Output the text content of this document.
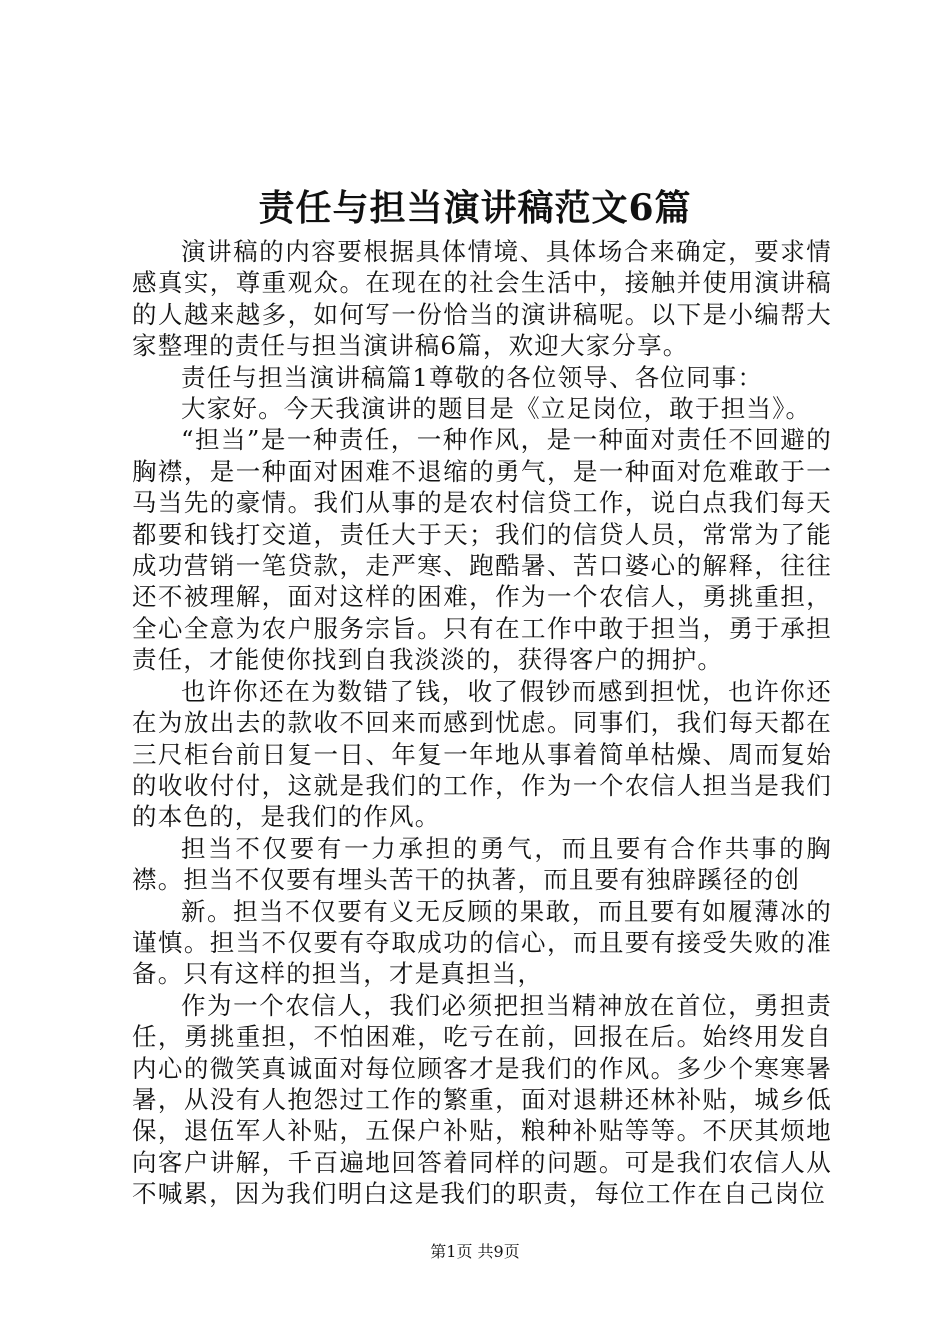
责任与担当演讲稿范文6篇

演讲稿的内容要根据具体情境、具体场合来确定，要求情感真实，尊重观众。在现在的社会生活中，接触并使用演讲稿的人越来越多，如何写一份恰当的演讲稿呢。以下是小编帮大家整理的责任与担当演讲稿6篇，欢迎大家分享。

责任与担当演讲稿篇1尊敬的各位领导、各位同事：

大家好。今天我演讲的题目是《立足岗位，敢于担当》。

“担当”是一种责任，一种作风，是一种面对责任不回避的胸襟，是一种面对困难不退缩的勇气，是一种面对危难敢于一马当先的豪情。我们从事的是农村信贷工作，说白点我们每天都要和钱打交道，责任大于天；我们的信贷人员，常常为了能成功营销一笔贷款，走严寒、跑酷暑、苦口婆心的解释，往往还不被理解，面对这样的困难，作为一个农信人，勇挑重担，全心全意为农户服务宗旨。只有在工作中敢于担当，勇于承担责任，才能使你找到自我淡淡的，获得客户的拥护。

也许你还在为数错了钱，收了假钞而感到担忧，也许你还在为放出去的款收不回来而感到忧虑。同事们，我们每天都在三尺柜台前日复一日、年复一年地从事着简单枯燥、周而复始的收收付付，这就是我们的工作，作为一个农信人担当是我们的本色的，是我们的作风。

担当不仅要有一力承担的勇气，而且要有合作共事的胸襟。担当不仅要有埋头苦干的执著，而且要有独辟蹊径的创

新。担当不仅要有义无反顾的果敢，而且要有如履薄冰的谨慎。担当不仅要有夺取成功的信心，而且要有接受失败的准备。只有这样的担当，才是真担当，

作为一个农信人，我们必须把担当精神放在首位，勇担责任，勇挑重担，不怕困难，吃亏在前，回报在后。始终用发自内心的微笑真诚面对每位顾客才是我们的作风。多少个寒寒暑暑，从没有人抱怨过工作的繁重，面对退耕还林补贴，城乡低保，退伍军人补贴，五保户补贴，粮种补贴等等。不厌其烦地向客户讲解，千百遍地回答着同样的问题。可是我们农信人从不喊累，因为我们明白这是我们的职责，每位工作在自己岗位

第1页 共9页
